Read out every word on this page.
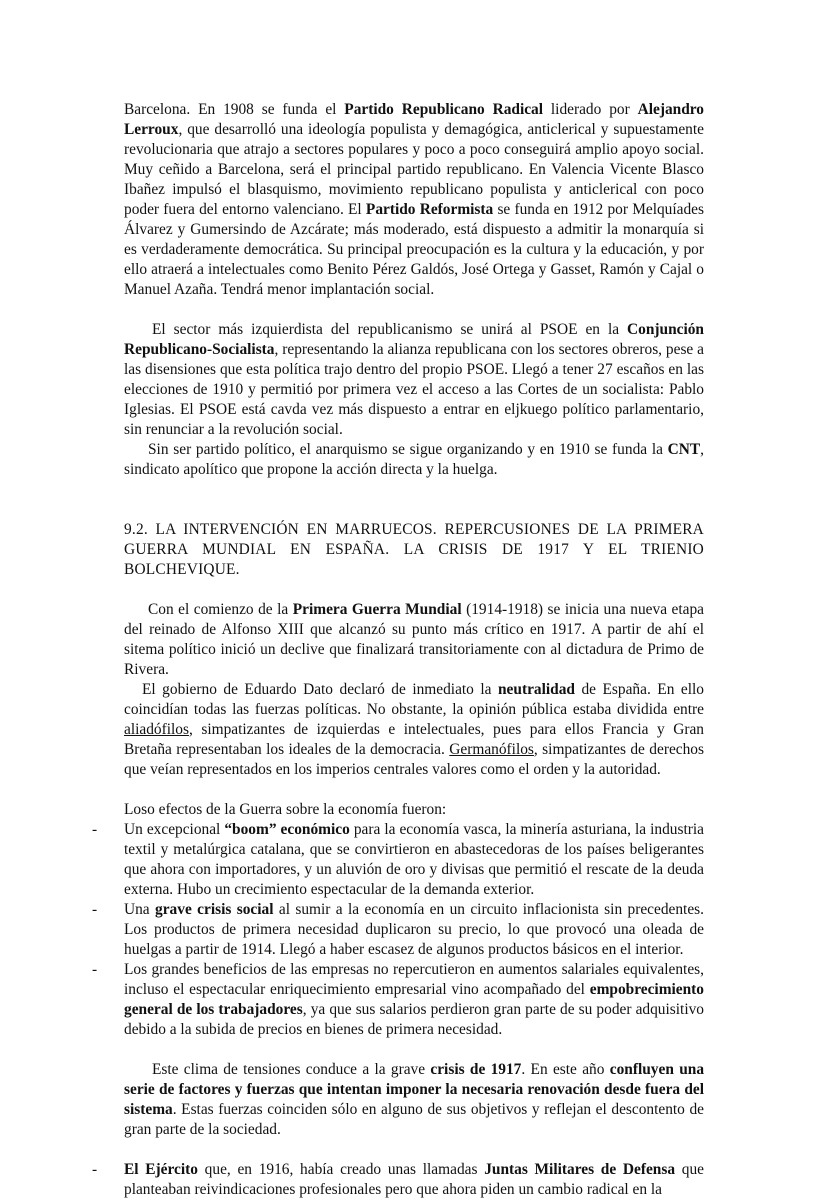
Barcelona. En 1908 se funda el Partido Republicano Radical liderado por Alejandro Lerroux, que desarrolló una ideología populista y demagógica, anticlerical y supuestamente revolucionaria que atrajo a sectores populares y poco a poco conseguirá amplio apoyo social. Muy ceñido a Barcelona, será el principal partido republicano. En Valencia Vicente Blasco Ibañez impulsó el blasquismo, movimiento republicano populista y anticlerical con poco poder fuera del entorno valenciano. El Partido Reformista se funda en 1912 por Melquíades Álvarez y Gumersindo de Azcárate; más moderado, está dispuesto a admitir la monarquía si es verdaderamente democrática. Su principal preocupación es la cultura y la educación, y por ello atraerá a intelectuales como Benito Pérez Galdós, José Ortega y Gasset, Ramón y Cajal o Manuel Azaña. Tendrá menor implantación social.

El sector más izquierdista del republicanismo se unirá al PSOE en la Conjunción Republicano-Socialista, representando la alianza republicana con los sectores obreros, pese a las disensiones que esta política trajo dentro del propio PSOE. Llegó a tener 27 escaños en las elecciones de 1910 y permitió por primera vez el acceso a las Cortes de un socialista: Pablo Iglesias. El PSOE está cavda vez más dispuesto a entrar en eljkuego político parlamentario, sin renunciar a la revolución social.

Sin ser partido político, el anarquismo se sigue organizando y en 1910 se funda la CNT, sindicato apolítico que propone la acción directa y la huelga.

9.2. LA INTERVENCIÓN EN MARRUECOS. REPERCUSIONES DE LA PRIMERA GUERRA MUNDIAL EN ESPAÑA. LA CRISIS DE 1917 Y EL TRIENIO BOLCHEVIQUE.

Con el comienzo de la Primera Guerra Mundial (1914-1918) se inicia una nueva etapa del reinado de Alfonso XIII que alcanzó su punto más crítico en 1917. A partir de ahí el sitema político inició un declive que finalizará transitoriamente con al dictadura de Primo de Rivera.

El gobierno de Eduardo Dato declaró de inmediato la neutralidad de España. En ello coincidían todas las fuerzas políticas. No obstante, la opinión pública estaba dividida entre aliadófilos, simpatizantes de izquierdas e intelectuales, pues para ellos Francia y Gran Bretaña representaban los ideales de la democracia. Germanófilos, simpatizantes de derechos que veían representados en los imperios centrales valores como el orden y la autoridad.

Loso efectos de la Guerra sobre la economía fueron:

- Un excepcional “boom” económico para la economía vasca, la minería asturiana, la industria textil y metalúrgica catalana, que se convirtieron en abastecedoras de los países beligerantes que ahora con importadores, y un aluvión de oro y divisas que permitió el rescate de la deuda externa. Hubo un crecimiento espectacular de la demanda exterior.
- Una grave crisis social al sumir a la economía en un circuito inflacionista sin precedentes. Los productos de primera necesidad duplicaron su precio, lo que provocó una oleada de huelgas a partir de 1914. Llegó a haber escasez de algunos productos básicos en el interior.
- Los grandes beneficios de las empresas no repercutieron en aumentos salariales equivalentes, incluso el espectacular enriquecimiento empresarial vino acompañado del empobrecimiento general de los trabajadores, ya que sus salarios perdieron gran parte de su poder adquisitivo debido a la subida de precios en bienes de primera necesidad.

Este clima de tensiones conduce a la grave crisis de 1917. En este año confluyen una serie de factores y fuerzas que intentan imponer la necesaria renovación desde fuera del sistema. Estas fuerzas coinciden sólo en alguno de sus objetivos y reflejan el descontento de gran parte de la sociedad.

- El Ejército que, en 1916, había creado unas llamadas Juntas Militares de Defensa que planteaban reivindicaciones profesionales pero que ahora piden un cambio radical en la
